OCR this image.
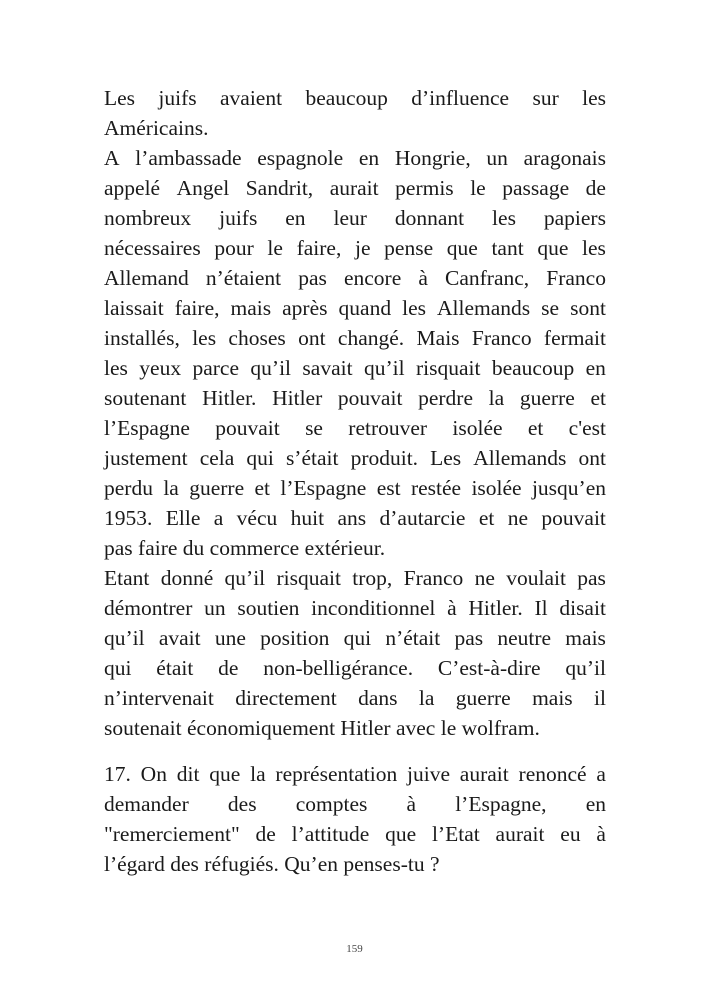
Les juifs avaient beaucoup d’influence sur les
Américains.
A l’ambassade espagnole en Hongrie, un aragonais
appelé Angel Sandrit, aurait permis le passage de
nombreux juifs en leur donnant les papiers
nécessaires pour le faire, je pense que tant que les
Allemand n’étaient pas encore à Canfranc, Franco
laissait faire, mais après quand les Allemands se sont
installés, les choses ont changé. Mais Franco fermait
les yeux parce qu’il savait qu’il risquait beaucoup en
soutenant Hitler. Hitler pouvait perdre la guerre et
l’Espagne pouvait se retrouver isolée et c'est
justement cela qui s’était produit. Les Allemands ont
perdu la guerre et l’Espagne est restée isolée jusqu’en
1953. Elle a vécu huit ans d’autarcie et ne pouvait
pas faire du commerce extérieur.
Etant donné qu’il risquait trop, Franco ne voulait pas
démontrer un soutien inconditionnel à Hitler. Il disait
qu’il avait une position qui n’était pas neutre mais
qui était de non-belligérance. C’est-à-dire qu’il
n’intervenait directement dans la guerre mais il
soutenait économiquement Hitler avec le wolfram.
17. On dit que la représentation juive aurait renoncé a
demander des comptes à l’Espagne, en
"remerciement" de l’attitude que l’Etat aurait eu à
l’égard des réfugiés. Qu’en penses-tu ?
159
